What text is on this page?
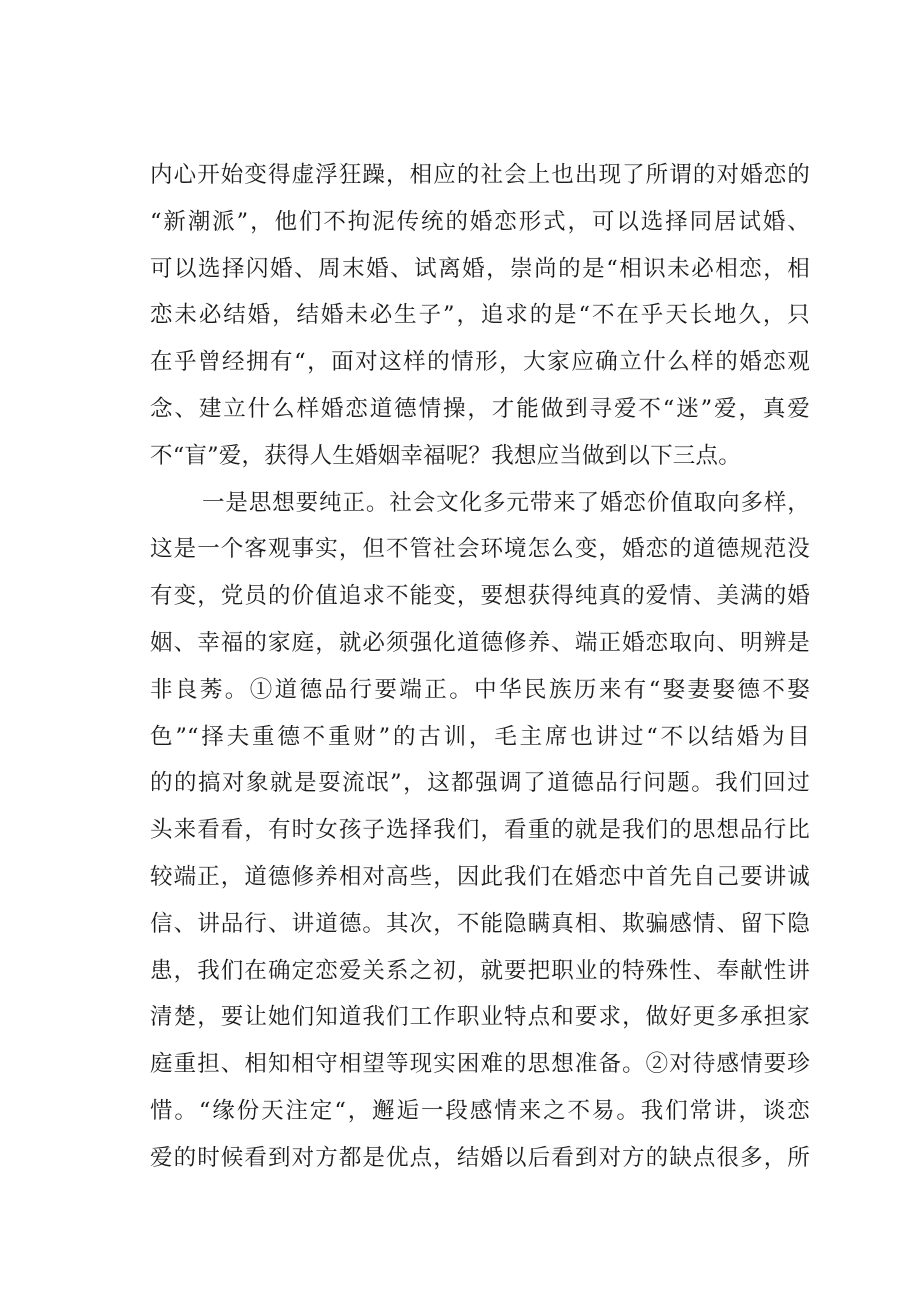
内心开始变得虚浮狂躁，相应的社会上也出现了所谓的对婚恋的
“新潮派”，他们不拘泥传统的婚恋形式，可以选择同居试婚、
可以选择闪婚、周末婚、试离婚，崇尚的是“相识未必相恋，相
恋未必结婚，结婚未必生子”，追求的是“不在乎天长地久，只
在乎曾经拥有“，面对这样的情形，大家应确立什么样的婚恋观
念、建立什么样婚恋道德情操，才能做到寻爱不“迷”爱，真爱
不“盲”爱，获得人生婚姻幸福呢？我想应当做到以下三点。
一是思想要纯正。社会文化多元带来了婚恋价值取向多样，
这是一个客观事实，但不管社会环境怎么变，婚恋的道德规范没
有变，党员的价值追求不能变，要想获得纯真的爱情、美满的婚
姻、幸福的家庭，就必须强化道德修养、端正婚恋取向、明辨是
非良莠。①道德品行要端正。中华民族历来有“娶妻娶德不娶
色”“择夫重德不重财”的古训，毛主席也讲过“不以结婚为目
的的搞对象就是耍流氓”，这都强调了道德品行问题。我们回过
头来看看，有时女孩子选择我们，看重的就是我们的思想品行比
较端正，道德修养相对高些，因此我们在婚恋中首先自己要讲诚
信、讲品行、讲道德。其次，不能隐瞒真相、欺骗感情、留下隐
患，我们在确定恋爱关系之初，就要把职业的特殊性、奉献性讲
清楚，要让她们知道我们工作职业特点和要求，做好更多承担家
庭重担、相知相守相望等现实困难的思想准备。②对待感情要珍
惜。“缘份天注定“，邂逅一段感情来之不易。我们常讲，谈恋
爱的时候看到对方都是优点，结婚以后看到对方的缺点很多，所
